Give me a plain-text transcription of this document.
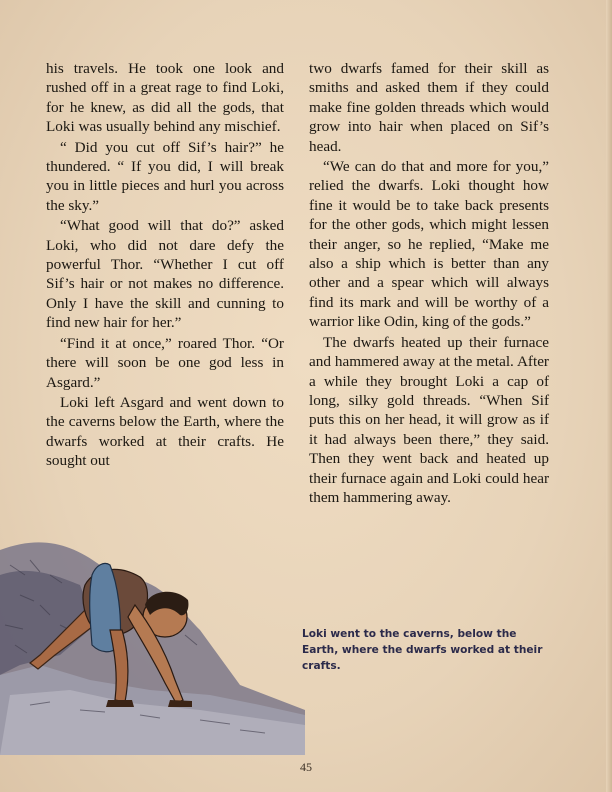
his travels. He took one look and rushed off in a great rage to find Loki, for he knew, as did all the gods, that Loki was usually behind any mischief.

“ Did you cut off Sif’s hair?” he thundered. “ If you did, I will break you in little pieces and hurl you across the sky.”

“What good will that do?” asked Loki, who did not dare defy the powerful Thor. “Whether I cut off Sif’s hair or not makes no difference. Only I have the skill and cunning to find new hair for her.”

“Find it at once,” roared Thor. “Or there will soon be one god less in Asgard.”

Loki left Asgard and went down to the caverns below the Earth, where the dwarfs worked at their crafts. He sought out

two dwarfs famed for their skill as smiths and asked them if they could make fine golden threads which would grow into hair when placed on Sif’s head.

“We can do that and more for you,” relied the dwarfs. Loki thought how fine it would be to take back presents for the other gods, which might lessen their anger, so he replied, “Make me also a ship which is better than any other and a spear which will always find its mark and will be worthy of a warrior like Odin, king of the gods.”

The dwarfs heated up their furnace and hammered away at the metal. After a while they brought Loki a cap of long, silky gold threads. “When Sif puts this on her head, it will grow as if it had always been there,” they said. Then they went back and heated up their furnace again and Loki could hear them hammering away.

Loki went to the caverns, below the Earth, where the dwarfs worked at their crafts.
45
